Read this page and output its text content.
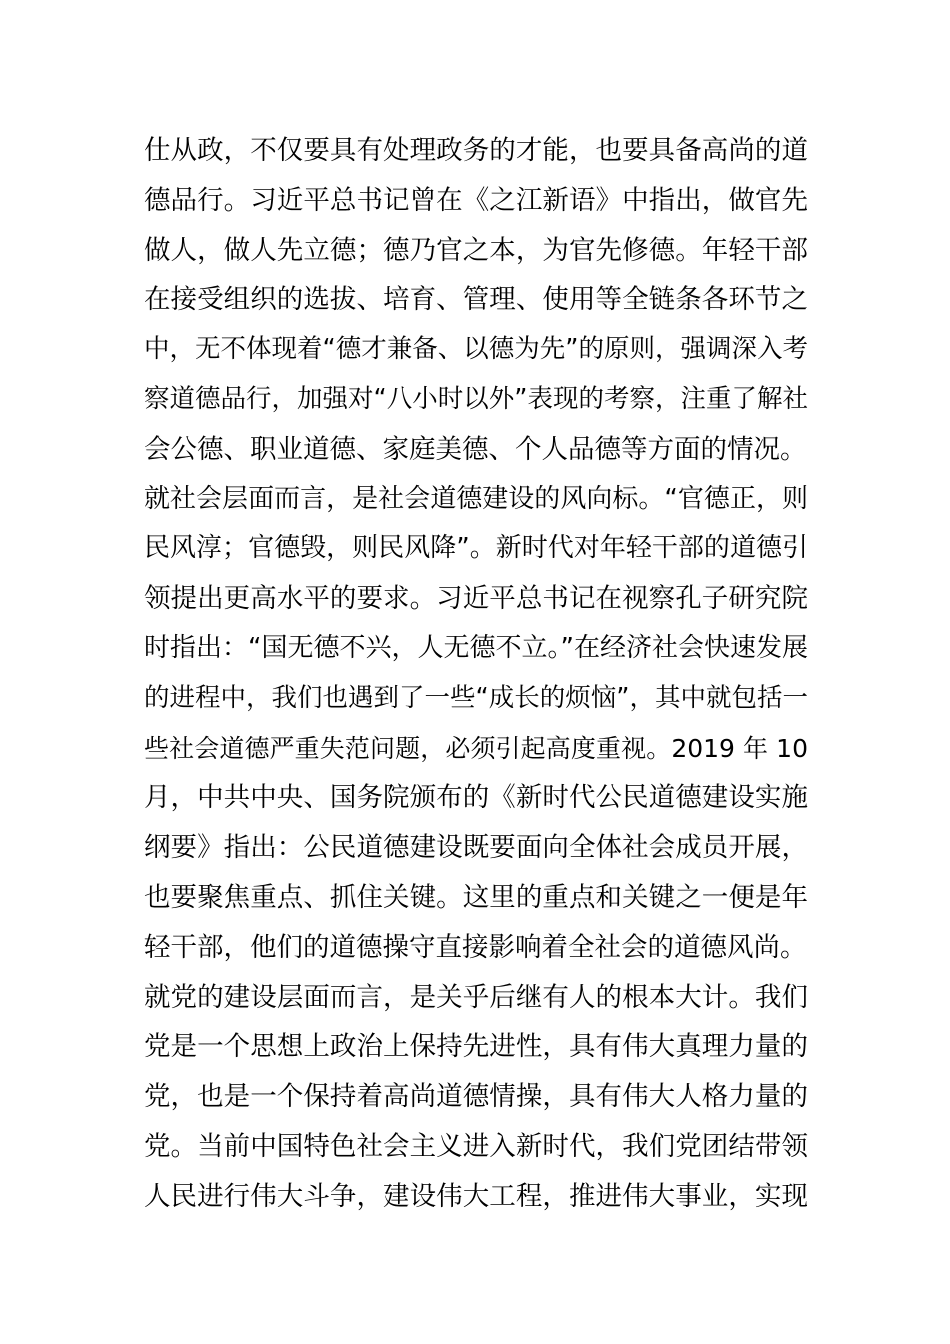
仕从政，不仅要具有处理政务的才能，也要具备高尚的道
德品行。习近平总书记曾在《之江新语》中指出，做官先
做人，做人先立德；德乃官之本，为官先修德。年轻干部
在接受组织的选拔、培育、管理、使用等全链条各环节之
中，无不体现着“德才兼备、以德为先”的原则，强调深入考
察道德品行，加强对“八小时以外”表现的考察，注重了解社
会公德、职业道德、家庭美德、个人品德等方面的情况。
就社会层面而言，是社会道德建设的风向标。“官德正，则
民风淳；官德毁，则民风降”。新时代对年轻干部的道德引
领提出更高水平的要求。习近平总书记在视察孔子研究院
时指出：“国无德不兴，人无德不立。”在经济社会快速发展
的进程中，我们也遇到了一些“成长的烦恼”，其中就包括一
些社会道德严重失范问题，必须引起高度重视。2019 年 10
月，中共中央、国务院颁布的《新时代公民道德建设实施
纲要》指出：公民道德建设既要面向全体社会成员开展，
也要聚焦重点、抓住关键。这里的重点和关键之一便是年
轻干部，他们的道德操守直接影响着全社会的道德风尚。
就党的建设层面而言，是关乎后继有人的根本大计。我们
党是一个思想上政治上保持先进性，具有伟大真理力量的
党，也是一个保持着高尚道德情操，具有伟大人格力量的
党。当前中国特色社会主义进入新时代，我们党团结带领
人民进行伟大斗争，建设伟大工程，推进伟大事业，实现
